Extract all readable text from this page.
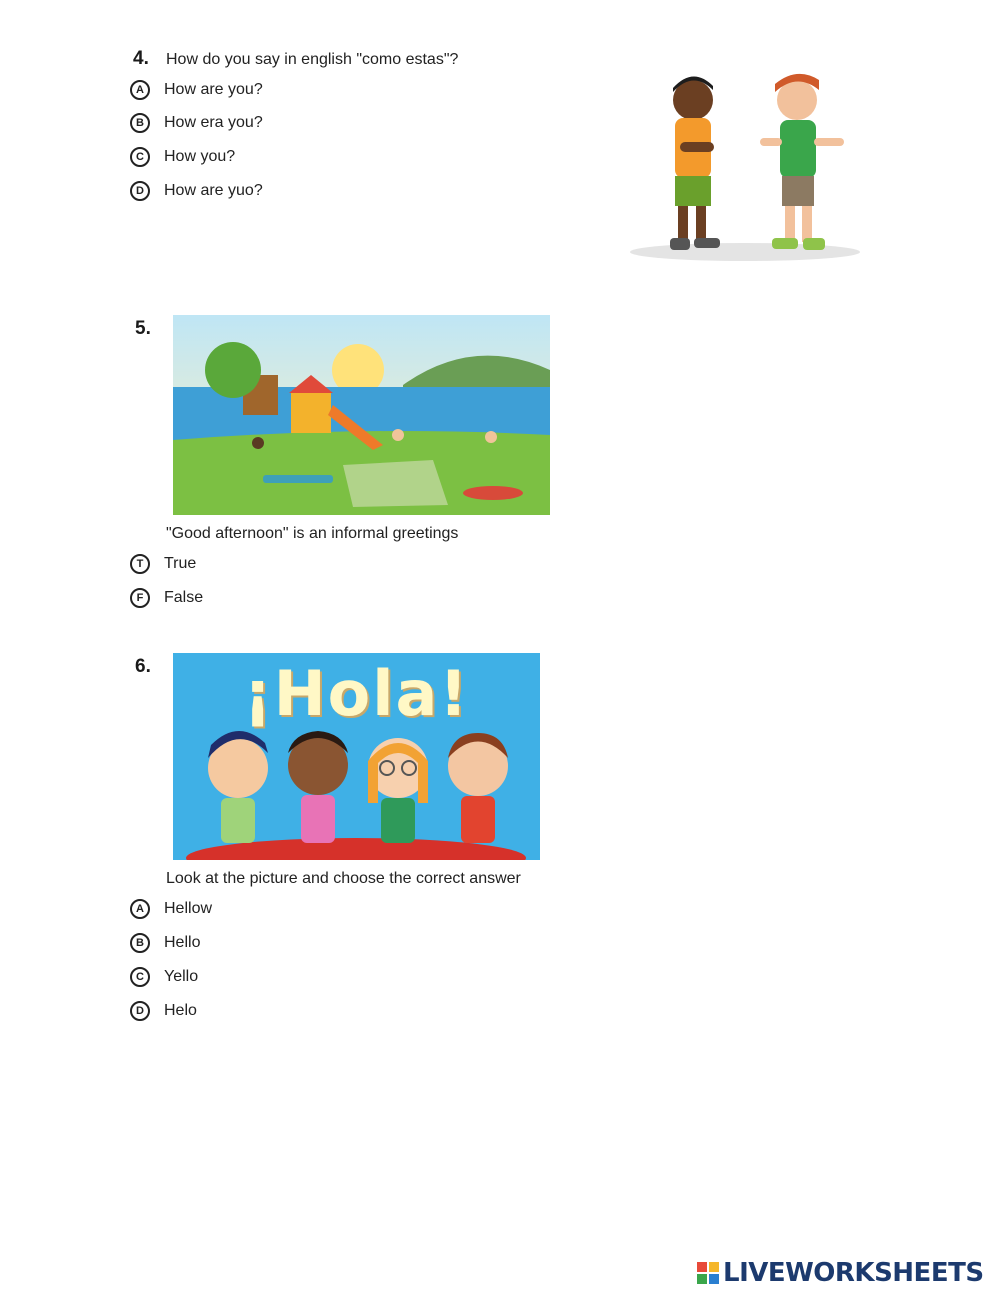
4. How do you say in english "como estas"?
A	How are you?
B	How era you?
C	How you?
D	How are yuo?
5.
"Good afternoon" is an informal greetings
T	True
F	False
6.	¡Hola!
Look at the picture and choose the correct answer
A	Hellow
B	Hello
C	Yello
D	Helo
LIVEWORKSHEETS
